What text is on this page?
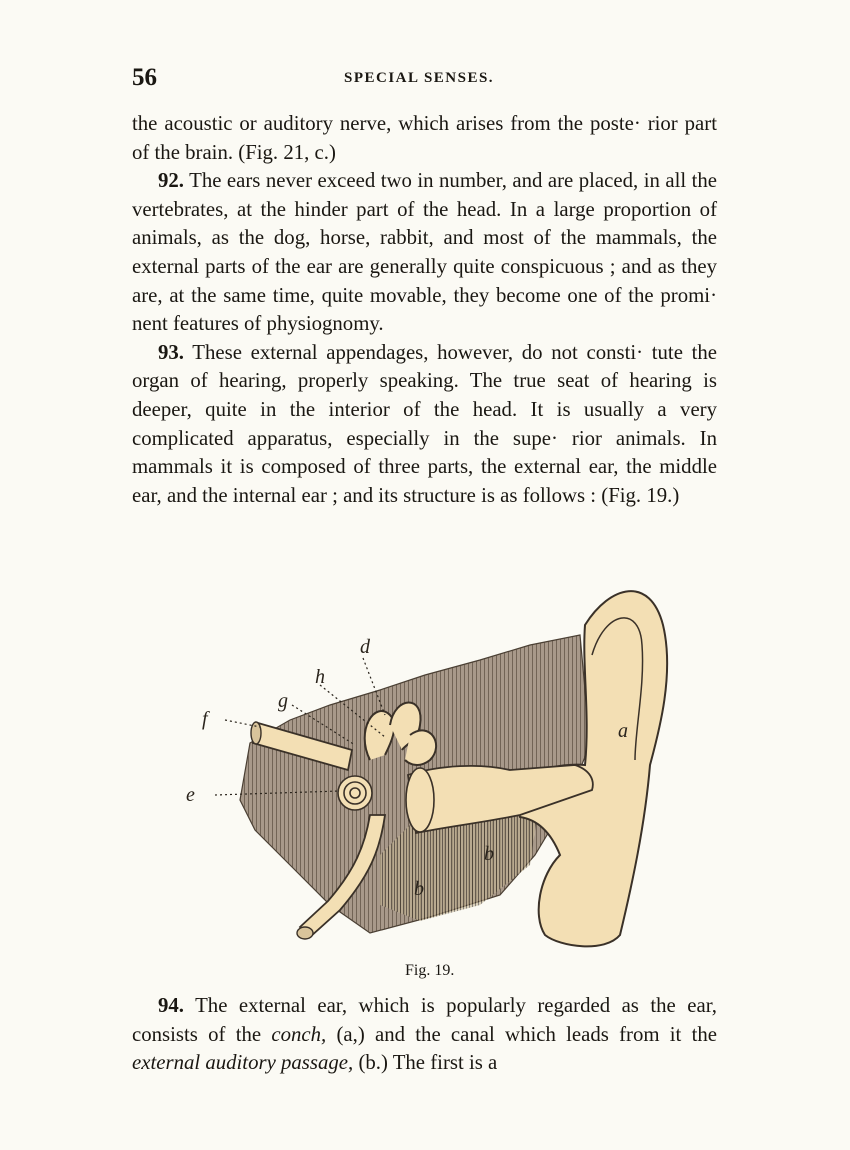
56	SPECIAL SENSES.

the acoustic or auditory nerve, which arises from the poste· rior part of the brain. (Fig. 21, c.)

92. The ears never exceed two in number, and are placed, in all the vertebrates, at the hinder part of the head. In a large proportion of animals, as the dog, horse, rabbit, and most of the mammals, the external parts of the ear are generally quite conspicuous ; and as they are, at the same time, quite movable, they become one of the promi· nent features of physiognomy.

93. These external appendages, however, do not consti· tute the organ of hearing, properly speaking. The true seat of hearing is deeper, quite in the interior of the head. It is usually a very complicated apparatus, especially in the supe· rior animals. In mammals it is composed of three parts, the external ear, the middle ear, and the internal ear ; and its structure is as follows : (Fig. 19.)

a
b
b
d
e
f
g
h
Fig. 19.

94. The external ear, which is popularly regarded as the ear, consists of the conch, (a,) and the canal which leads from it the external auditory passage, (b.) The first is a
